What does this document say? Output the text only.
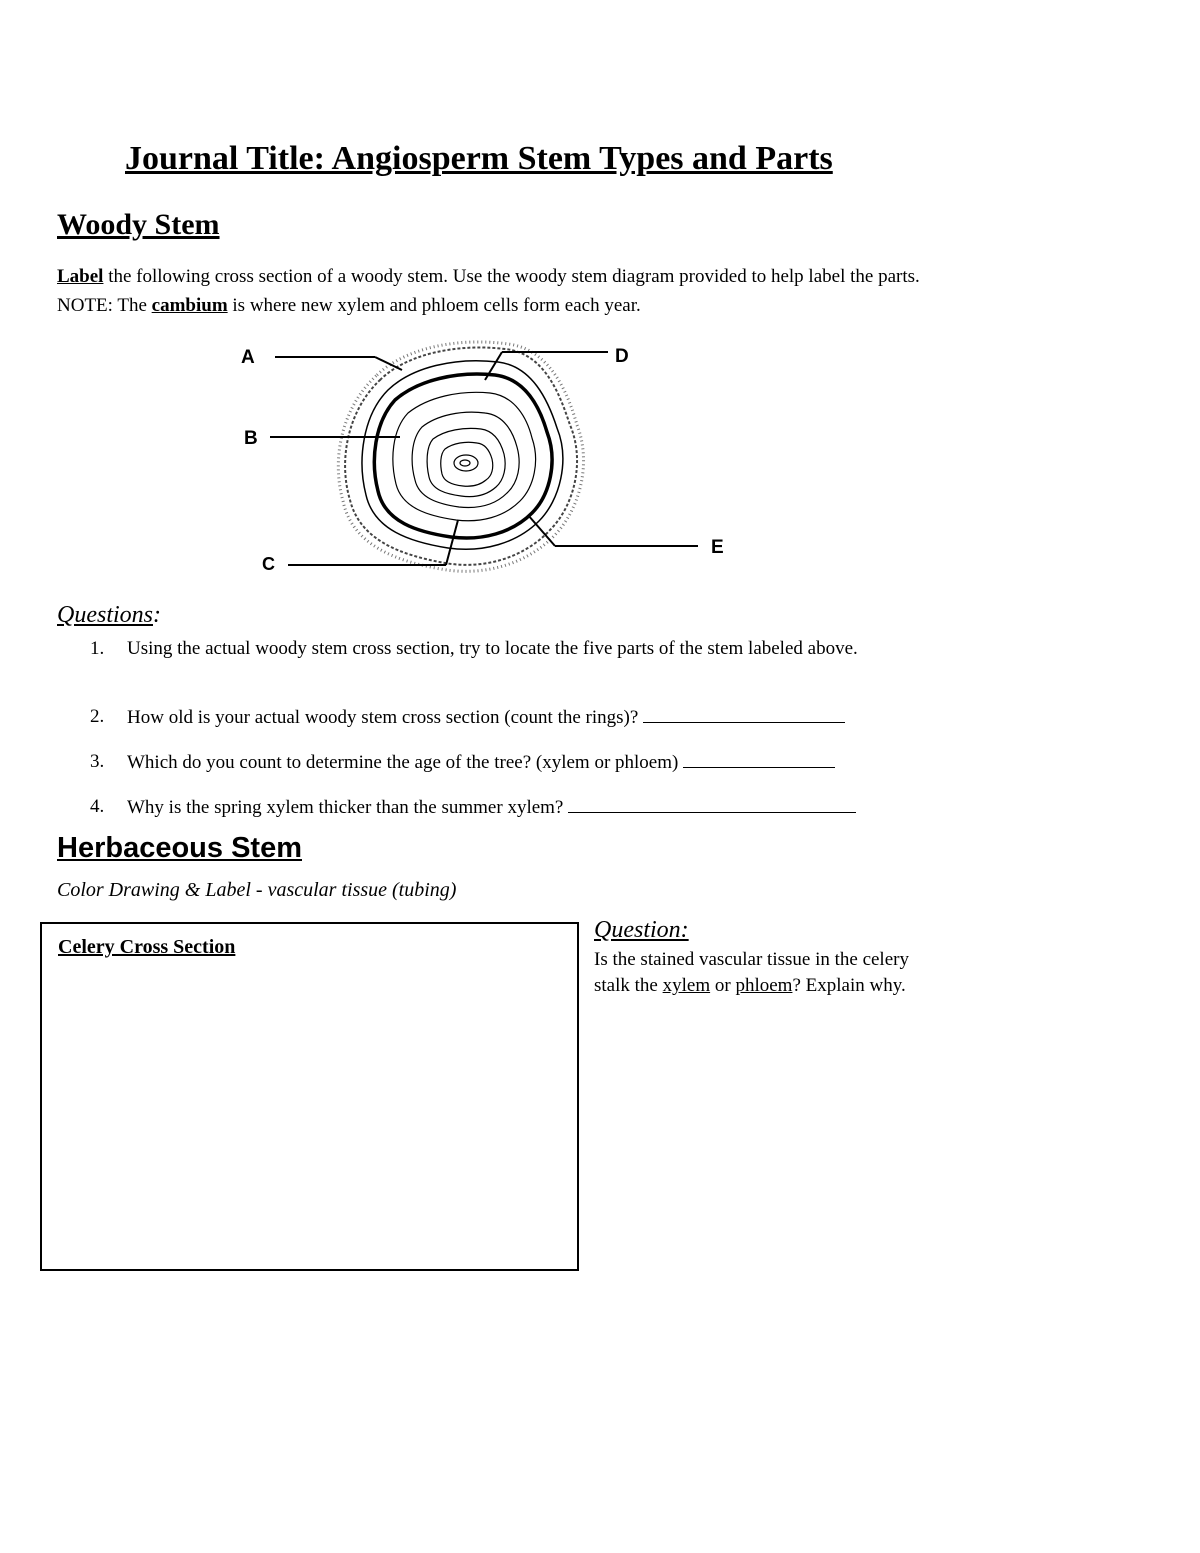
Journal Title: Angiosperm Stem Types and Parts
Woody Stem
Label the following cross section of a woody stem. Use the woody stem diagram provided to help label the parts. NOTE: The cambium is where new xylem and phloem cells form each year.
A
B
C
D
E
Questions:
1. Using the actual woody stem cross section, try to locate the five parts of the stem labeled above.
2. How old is your actual woody stem cross section (count the rings)?
3. Which do you count to determine the age of the tree? (xylem or phloem)
4. Why is the spring xylem thicker than the summer xylem?
Herbaceous Stem
Color Drawing & Label - vascular tissue (tubing)
Celery Cross Section
Question:
Is the stained vascular tissue in the celery stalk the xylem or phloem? Explain why.
